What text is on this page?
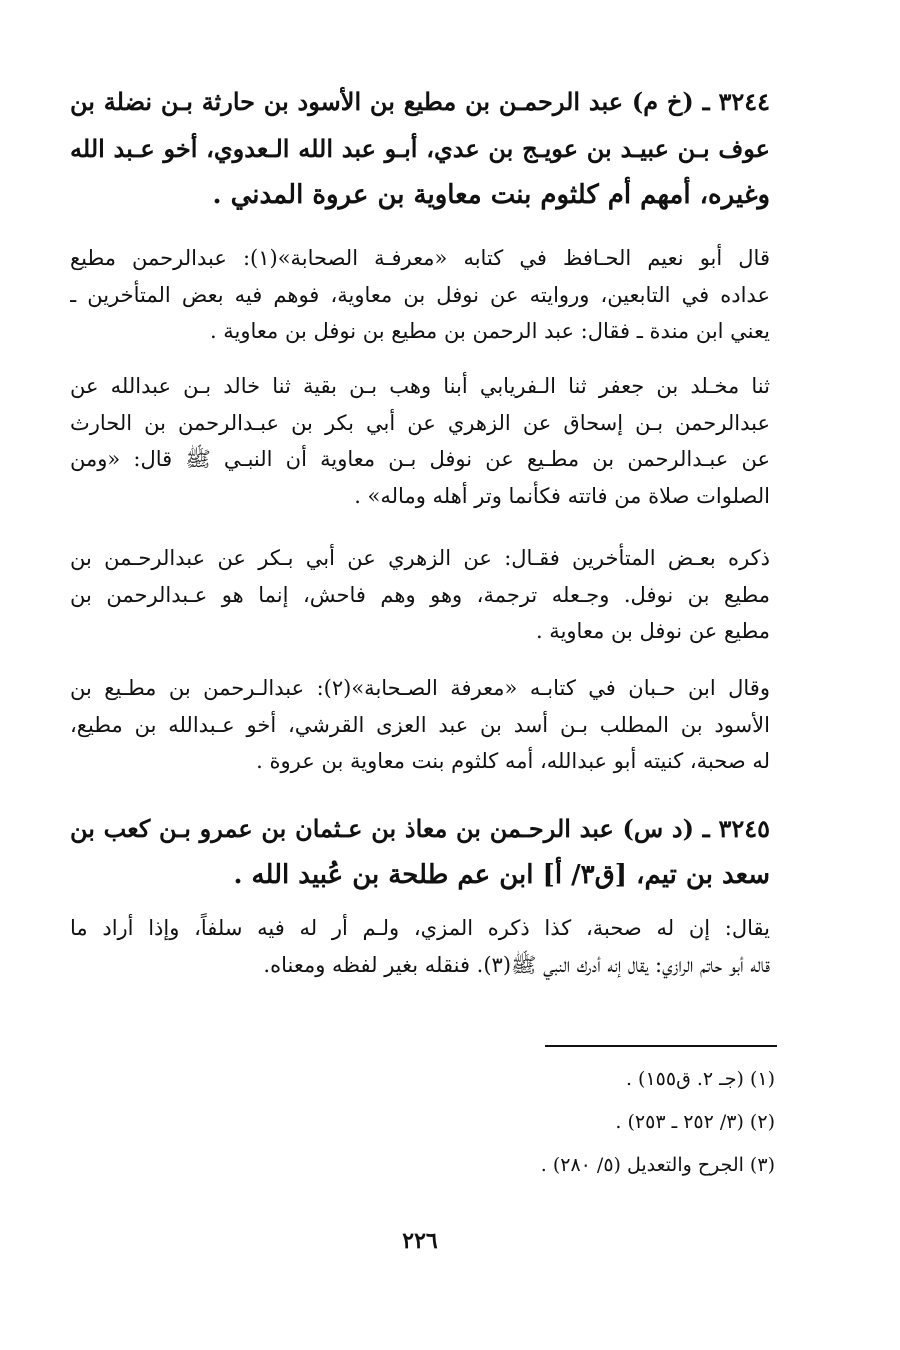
٣٢٤٤ ـ (خ م) عبد الرحمـن بن مطيع بن الأسود بن حارثة بـن نضلة بن
عوف بـن عبيـد بن عويـج بن عدي، أبـو عبد الله الـعدوي، أخو عـبد الله
وغيره، أمهم أم كلثوم بنت معاوية بن عروة المدني .
قال أبو نعيم الحـافظ في كتابه «معرفـة الصحابة»(١): عبدالرحمن مطيع
عداده في التابعين، وروايته عن نوفل بن معاوية، فوهم فيه بعض المتأخرين ـ
يعني ابن مندة ـ فقال: عبد الرحمن بن مطيع بن نوفل بن معاوية .
ثنا مخـلد بن جعفر ثنا الـفريابي أبنا وهب بـن بقية ثنا خالد بـن عبدالله عن
عبدالرحمن بـن إسحاق عن الزهري عن أبي بكر بن عبـدالرحمن بن الحارث
عن عبـدالرحمن بن مطـيع عن نوفل بـن معاوية أن النبـي ﷺ قال: «ومن
الصلوات صلاة من فاتته فكأنما وتر أهله وماله» .
ذكره بعـض المتأخرين فقـال: عن الزهري عن أبي بـكر عن عبدالرحـمن بن
مطيع بن نوفل. وجـعله ترجمة، وهو وهم فاحش، إنما هو عـبدالرحمن بن
مطيع عن نوفل بن معاوية .
وقال ابن حـبان في كتابـه «معرفة الصـحابة»(٢): عبدالـرحمن بن مطـيع بن
الأسود بن المطلب بـن أسد بن عبد العزى القرشي، أخو عـبدالله بن مطيع،
له صحبة، كنيته أبو عبدالله، أمه كلثوم بنت معاوية بن عروة .
٣٢٤٥ ـ (د س) عبد الرحـمن بن معاذ بن عـثمان بن عمرو بـن كعب بن
سعد بن تيم، [ق٣/ أ] ابن عم طلحة بن عُبيد الله .
يقال: إن له صحبة، كذا ذكره المزي، ولـم أر له فيه سلفاً، وإذا أراد ما
قاله أبو حاتم الرازي: يقال إنه أدرك النبي ﷺ(٣). فنقله بغير لفظه ومعناه.
(١) (جـ ٢. ق١٥٥) .
(٢) (٣/ ٢٥٢ ـ ٢٥٣) .
(٣) الجرح والتعديل (٥/ ٢٨٠) .
٢٢٦
